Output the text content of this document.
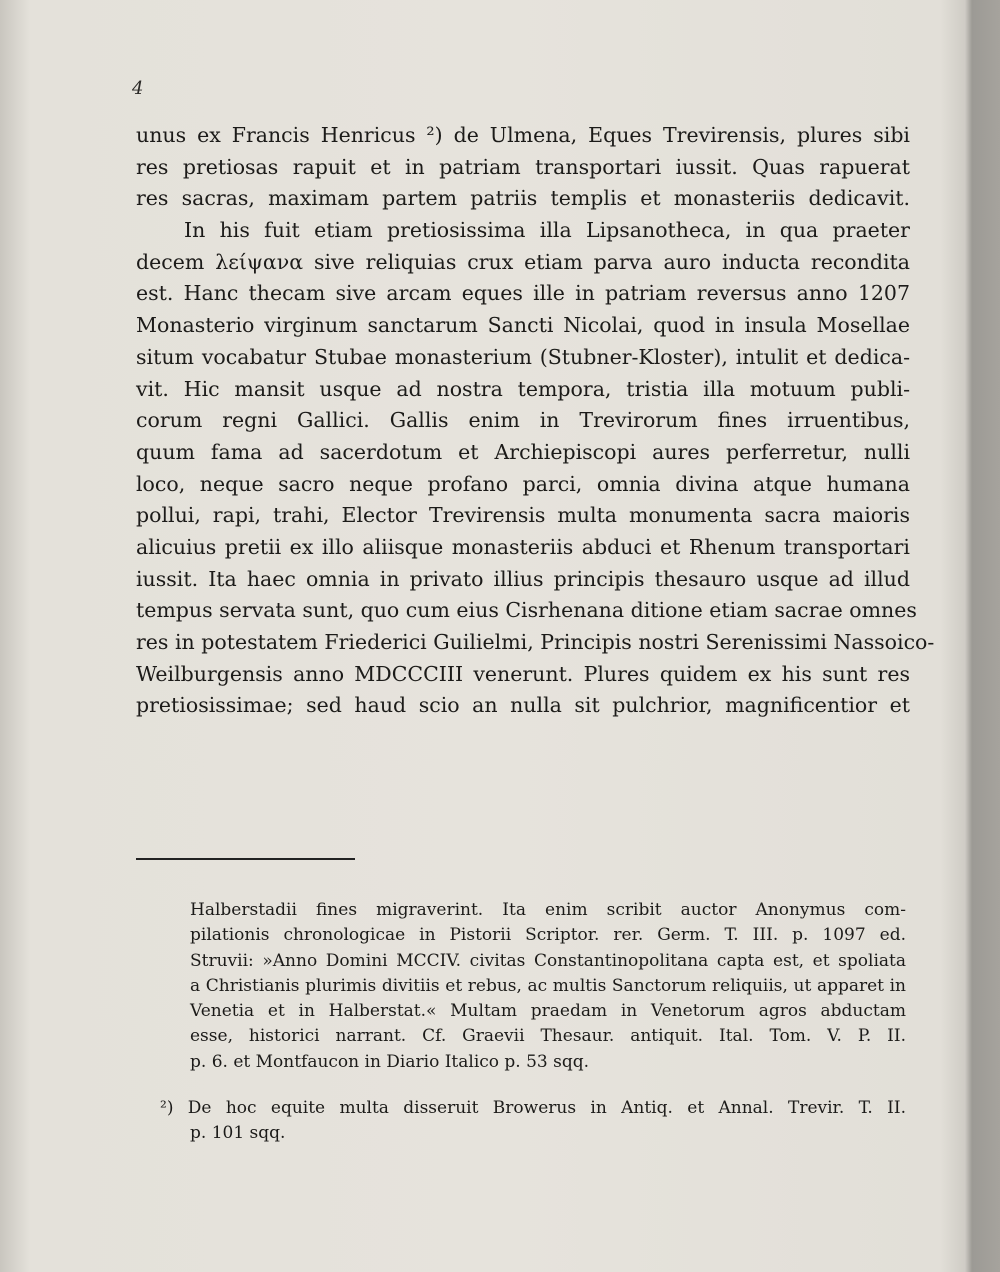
4
unus ex Francis Henricus ²) de Ulmena, Eques Trevirensis, plures sibi
res pretiosas rapuit et in patriam transportari iussit. Quas rapuerat
res sacras, maximam partem patriis templis et monasteriis dedicavit.
In his fuit etiam pretiosissima illa Lipsanotheca, in qua praeter
decem λείψανα sive reliquias crux etiam parva auro inducta recondita
est. Hanc thecam sive arcam eques ille in patriam reversus anno 1207
Monasterio virginum sanctarum Sancti Nicolai, quod in insula Mosellae
situm vocabatur Stubae monasterium (Stubner-Kloster), intulit et dedica-
vit. Hic mansit usque ad nostra tempora, tristia illa motuum publi-
corum regni Gallici. Gallis enim in Trevirorum fines irruentibus,
quum fama ad sacerdotum et Archiepiscopi aures perferretur, nulli
loco, neque sacro neque profano parci, omnia divina atque humana
pollui, rapi, trahi, Elector Trevirensis multa monumenta sacra maioris
alicuius pretii ex illo aliisque monasteriis abduci et Rhenum transportari
iussit. Ita haec omnia in privato illius principis thesauro usque ad illud
tempus servata sunt, quo cum eius Cisrhenana ditione etiam sacrae omnes
res in potestatem Friederici Guilielmi, Principis nostri Serenissimi Nassoico-
Weilburgensis anno MDCCCIII venerunt. Plures quidem ex his sunt res
pretiosissimae; sed haud scio an nulla sit pulchrior, magnificentior et
Halberstadii fines migraverint. Ita enim scribit auctor Anonymus com-
pilationis chronologicae in Pistorii Scriptor. rer. Germ. T. III. p. 1097 ed.
Struvii: »Anno Domini MCCIV. civitas Constantinopolitana capta est, et spoliata
a Christianis plurimis divitiis et rebus, ac multis Sanctorum reliquiis, ut apparet in
Venetia et in Halberstat.« Multam praedam in Venetorum agros abductam
esse, historici narrant. Cf. Graevii Thesaur. antiquit. Ital. Tom. V. P. II.
p. 6. et Montfaucon in Diario Italico p. 53 sqq.
²) De hoc equite multa disseruit Browerus in Antiq. et Annal. Trevir. T. II.
p. 101 sqq.
